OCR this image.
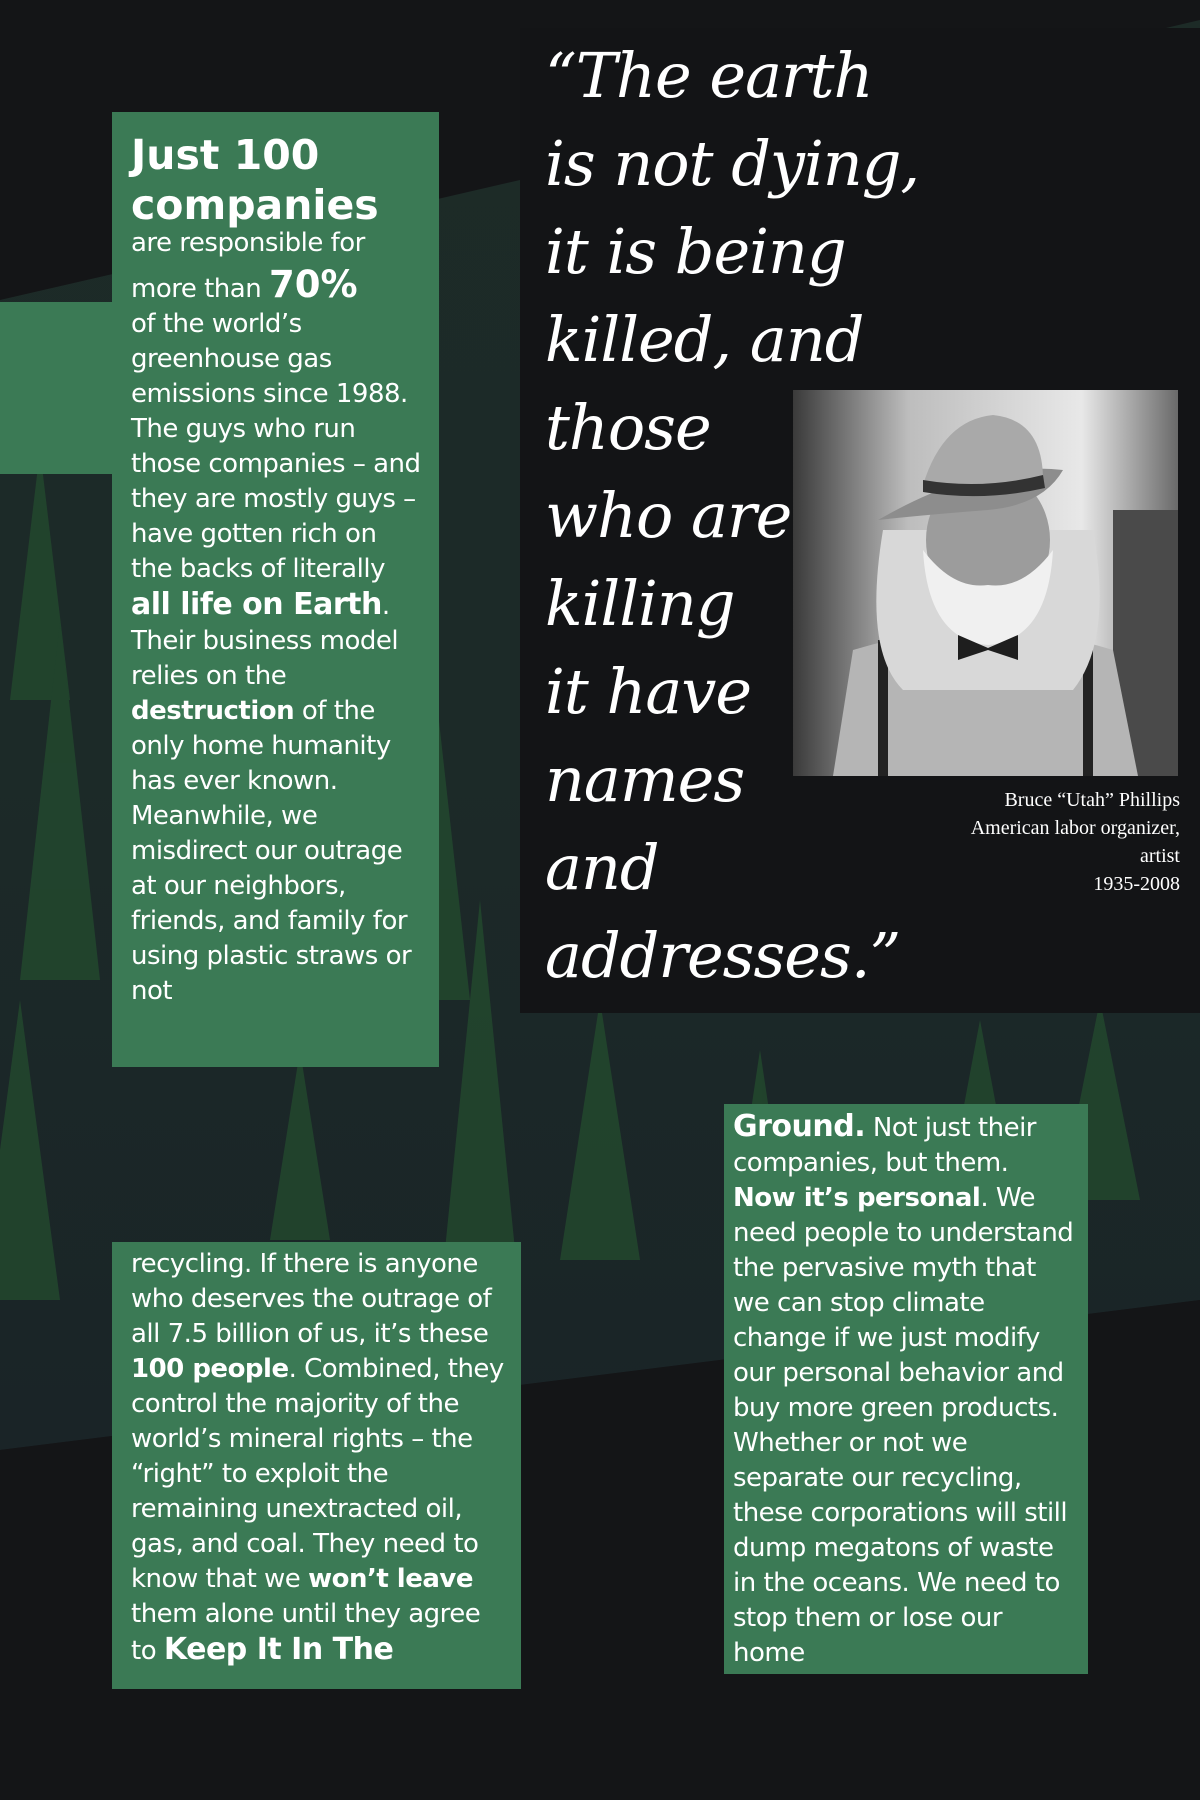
Just 100 companies
are responsible for
more than 70%
of the world’s greenhouse gas emissions since 1988. The guys who run those companies – and they are mostly guys – have gotten rich on the backs of literally all life on Earth. Their business model relies on the destruction of the only home humanity has ever known. Meanwhile, we misdirect our outrage at our neighbors, friends, and family for using plastic straws or not
recycling. If there is anyone who deserves the outrage of all 7.5 billion of us, it’s these 100 people. Combined, they control the majority of the world’s mineral rights – the “right” to exploit the remaining unextracted oil, gas, and coal. They need to know that we won’t leave them alone until they agree to Keep It In The
Ground. Not just their companies, but them. Now it’s personal. We need people to understand the pervasive myth that we can stop climate change if we just modify our personal behavior and buy more green products. Whether or not we separate our recycling, these corporations will still dump megatons of waste in the oceans. We need to stop them or lose our home
“The earth
is not dying,
it is being
killed, and
those
who are
killing
it have
names
and
addresses.”
Bruce “Utah” Phillips
American labor organizer,
artist
1935-2008
